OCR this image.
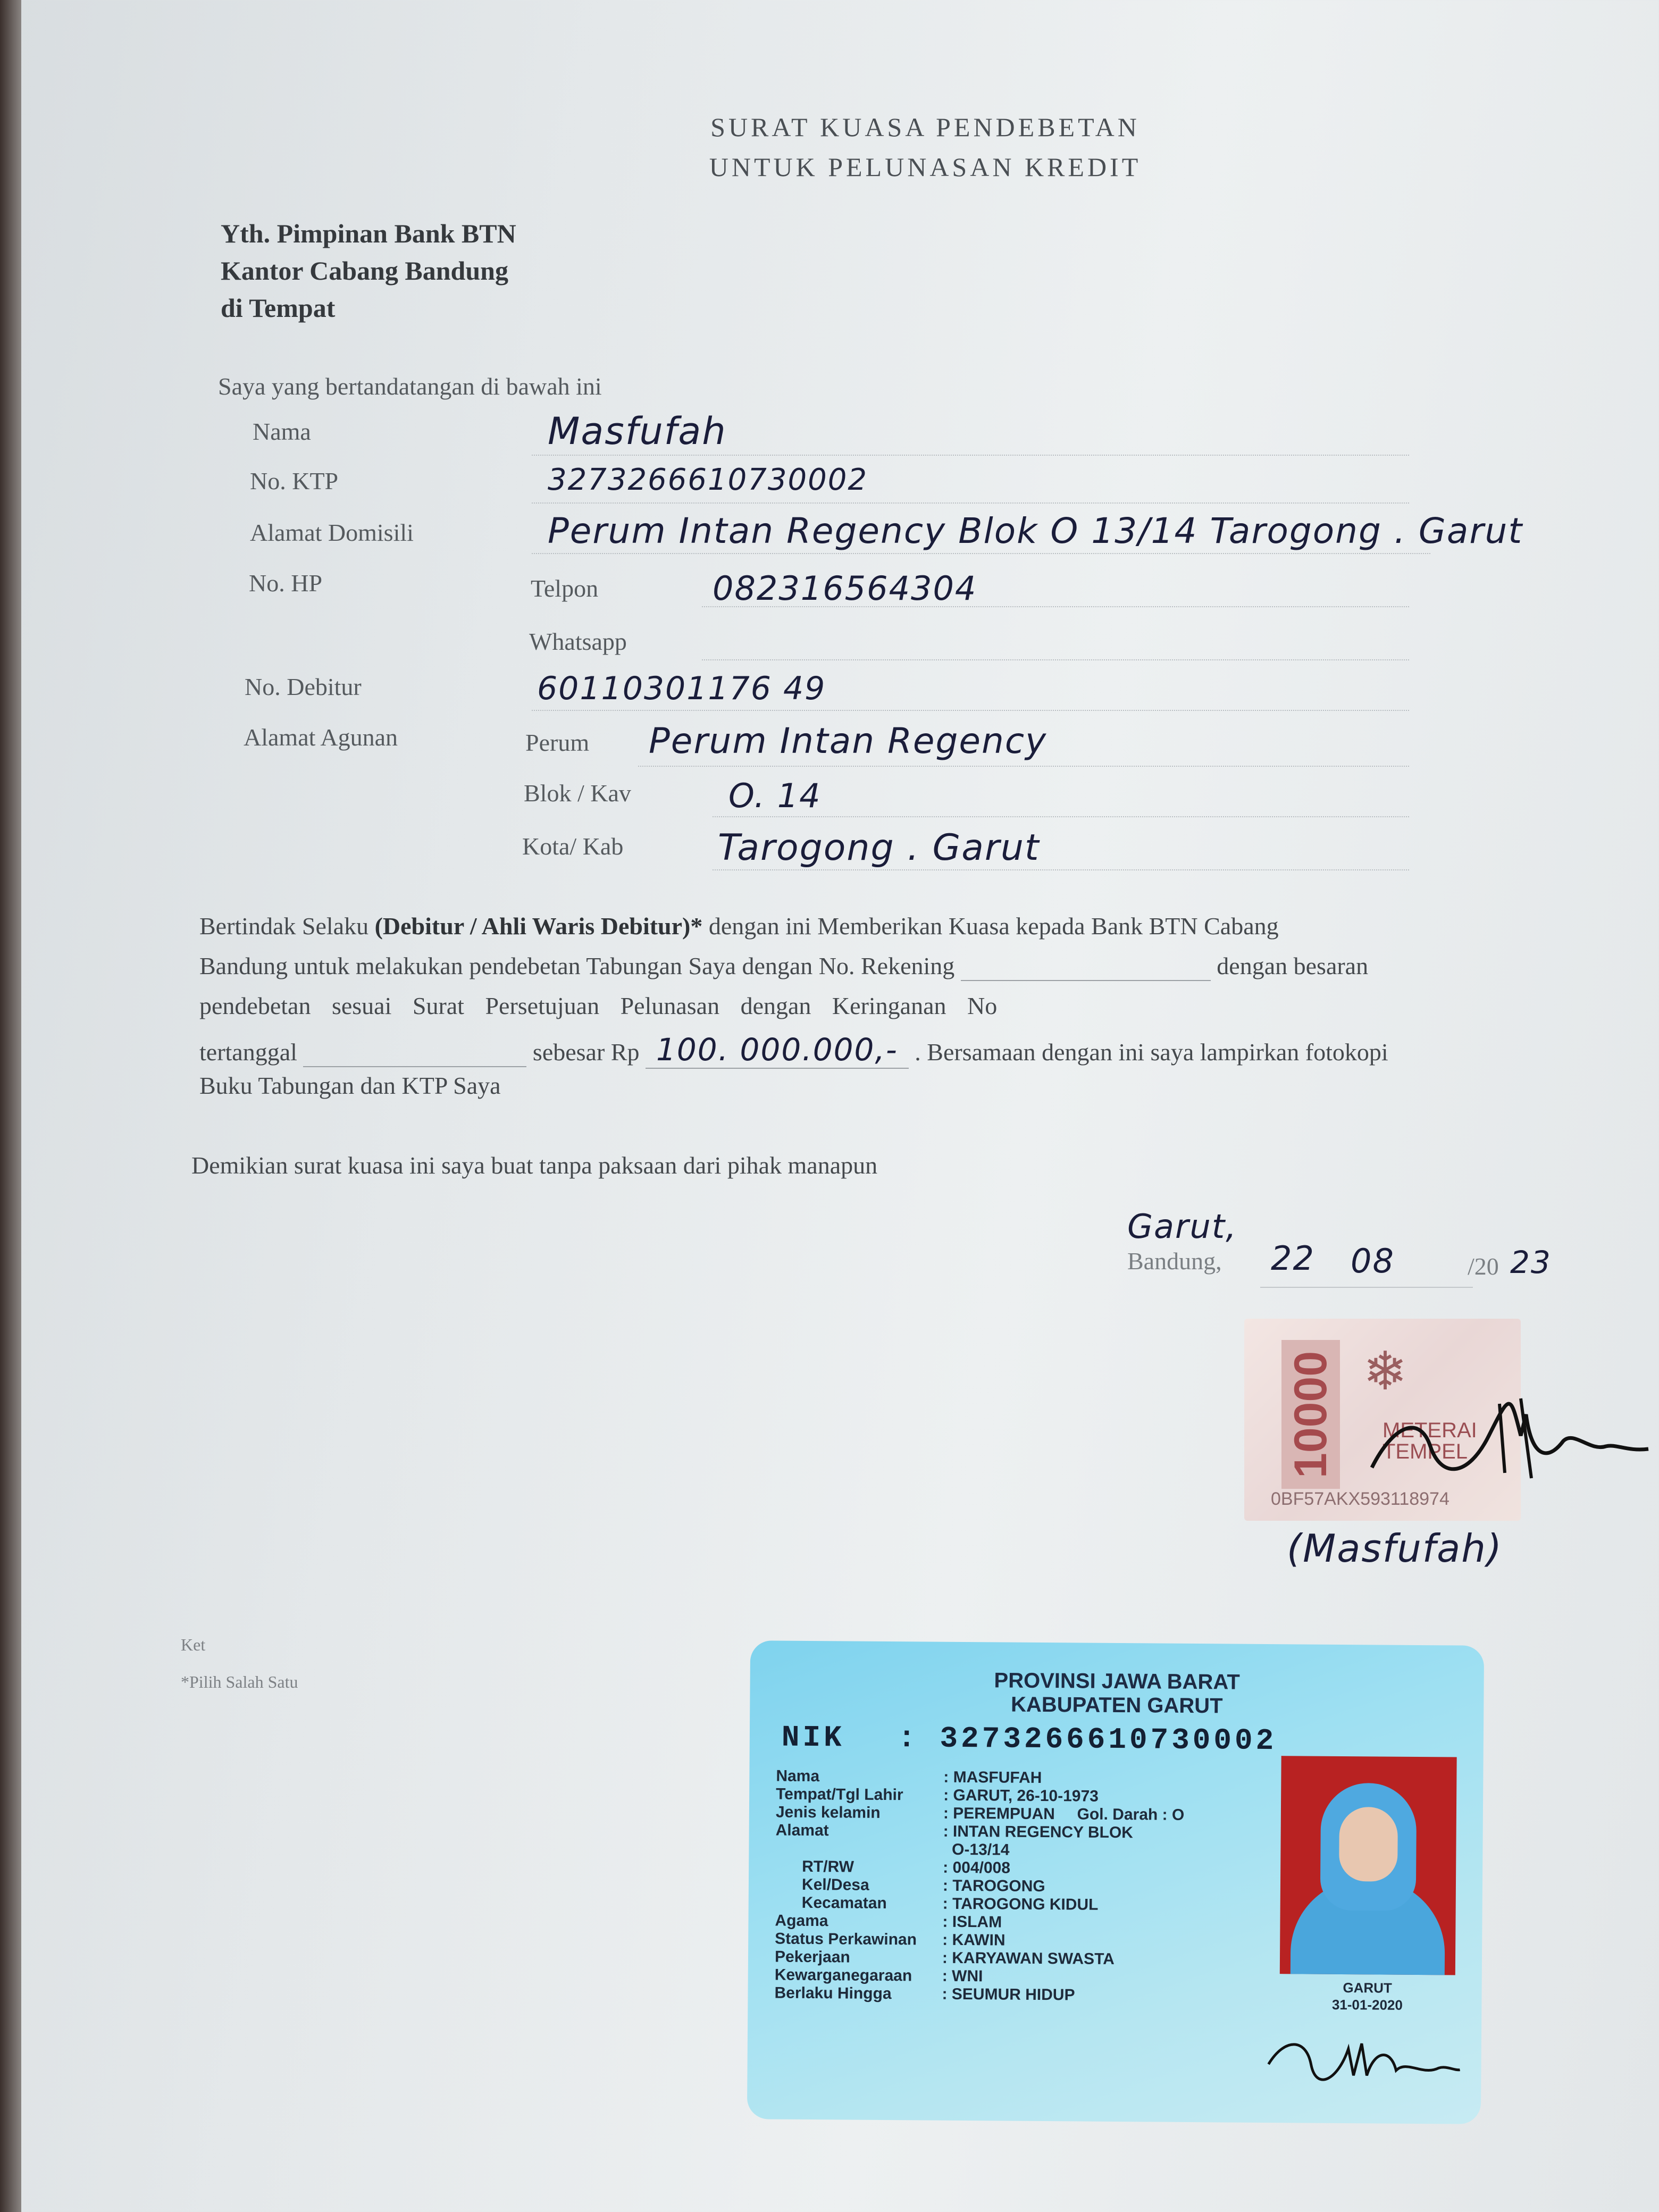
SURAT KUASA PENDEBETAN
UNTUK PELUNASAN KREDIT
Yth. Pimpinan Bank BTN
Kantor Cabang Bandung
di Tempat
Saya yang bertandatangan di bawah ini
Nama	Masfufah
No. KTP	3273266610730002
Alamat Domisili	Perum Intan Regency Blok O 13/14 Tarogong . Garut
No. HP	Telpon	082316564304
Whatsapp
No. Debitur	60110301176 49
Alamat Agunan	Perum Perum Intan Regency
Blok / Kav	O. 14
Kota/ Kab	Tarogong . Garut
Bertindak Selaku (Debitur / Ahli Waris Debitur)* dengan ini Memberikan Kuasa kepada Bank BTN Cabang
Bandung untuk melakukan pendebetan Tabungan Saya dengan No. Rekening	dengan besaran
pendebetan sesuai Surat Persetujuan Pelunasan dengan Keringanan No
tertanggal	sebesar Rp 100. 000.000,- . Bersamaan dengan ini saya lampirkan fotokopi
Buku Tabungan dan KTP Saya
Demikian surat kuasa ini saya buat tanpa paksaan dari pihak manapun
Garut,
Bandung, 22 08	/20 23
10000 ❄
METERAI
TEMPEL
0BF57AKX593118974
(Masfufah)
Ket
*Pilih Salah Satu	PROVINSI JAWA BARAT
KABUPATEN GARUT
NIK : 3273266610730002
Nama	: MASFUFAH
Tempat/Tgl Lahir	: GARUT, 26-10-1973
Jenis kelamin	: PEREMPUAN     Gol. Darah : O
Alamat	: INTAN REGENCY BLOK
O-13/14
RT/RW	: 004/008
Kel/Desa	: TAROGONG
Kecamatan	: TAROGONG KIDUL
Agama	: ISLAM
Status Perkawinan : KAWIN
Pekerjaan	: KARYAWAN SWASTA
Kewarganegaraan : WNI
Berlaku Hingga	: SEUMUR HIDUP	GARUT
31-01-2020
